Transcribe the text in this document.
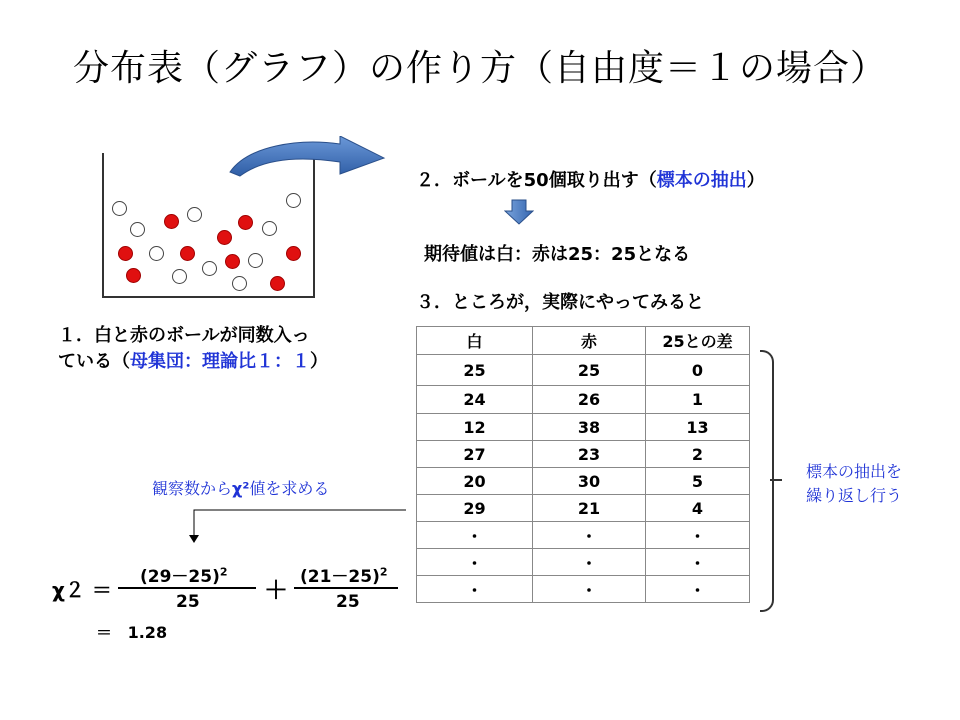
分布表（グラフ）の作り方（自由度＝１の場合）
１．白と赤のボールが同数入っ
ている（母集団：理論比１：１）
２．ボールを50個取り出す（標本の抽出）
期待値は白：赤は25：25となる
３．ところが，実際にやってみると
白	赤	25との差
25	25	0
24	26	1
12	38	13
27	23	2
20	30	5
29	21	4
・	・	・
・	・	・
・	・	・
標本の抽出を
繰り返し行う
観察数からχ²値を求める
χ２ ＝
$(29-25)^2$
25	＋ $(21-25)^2$
25
＝ 1.28
